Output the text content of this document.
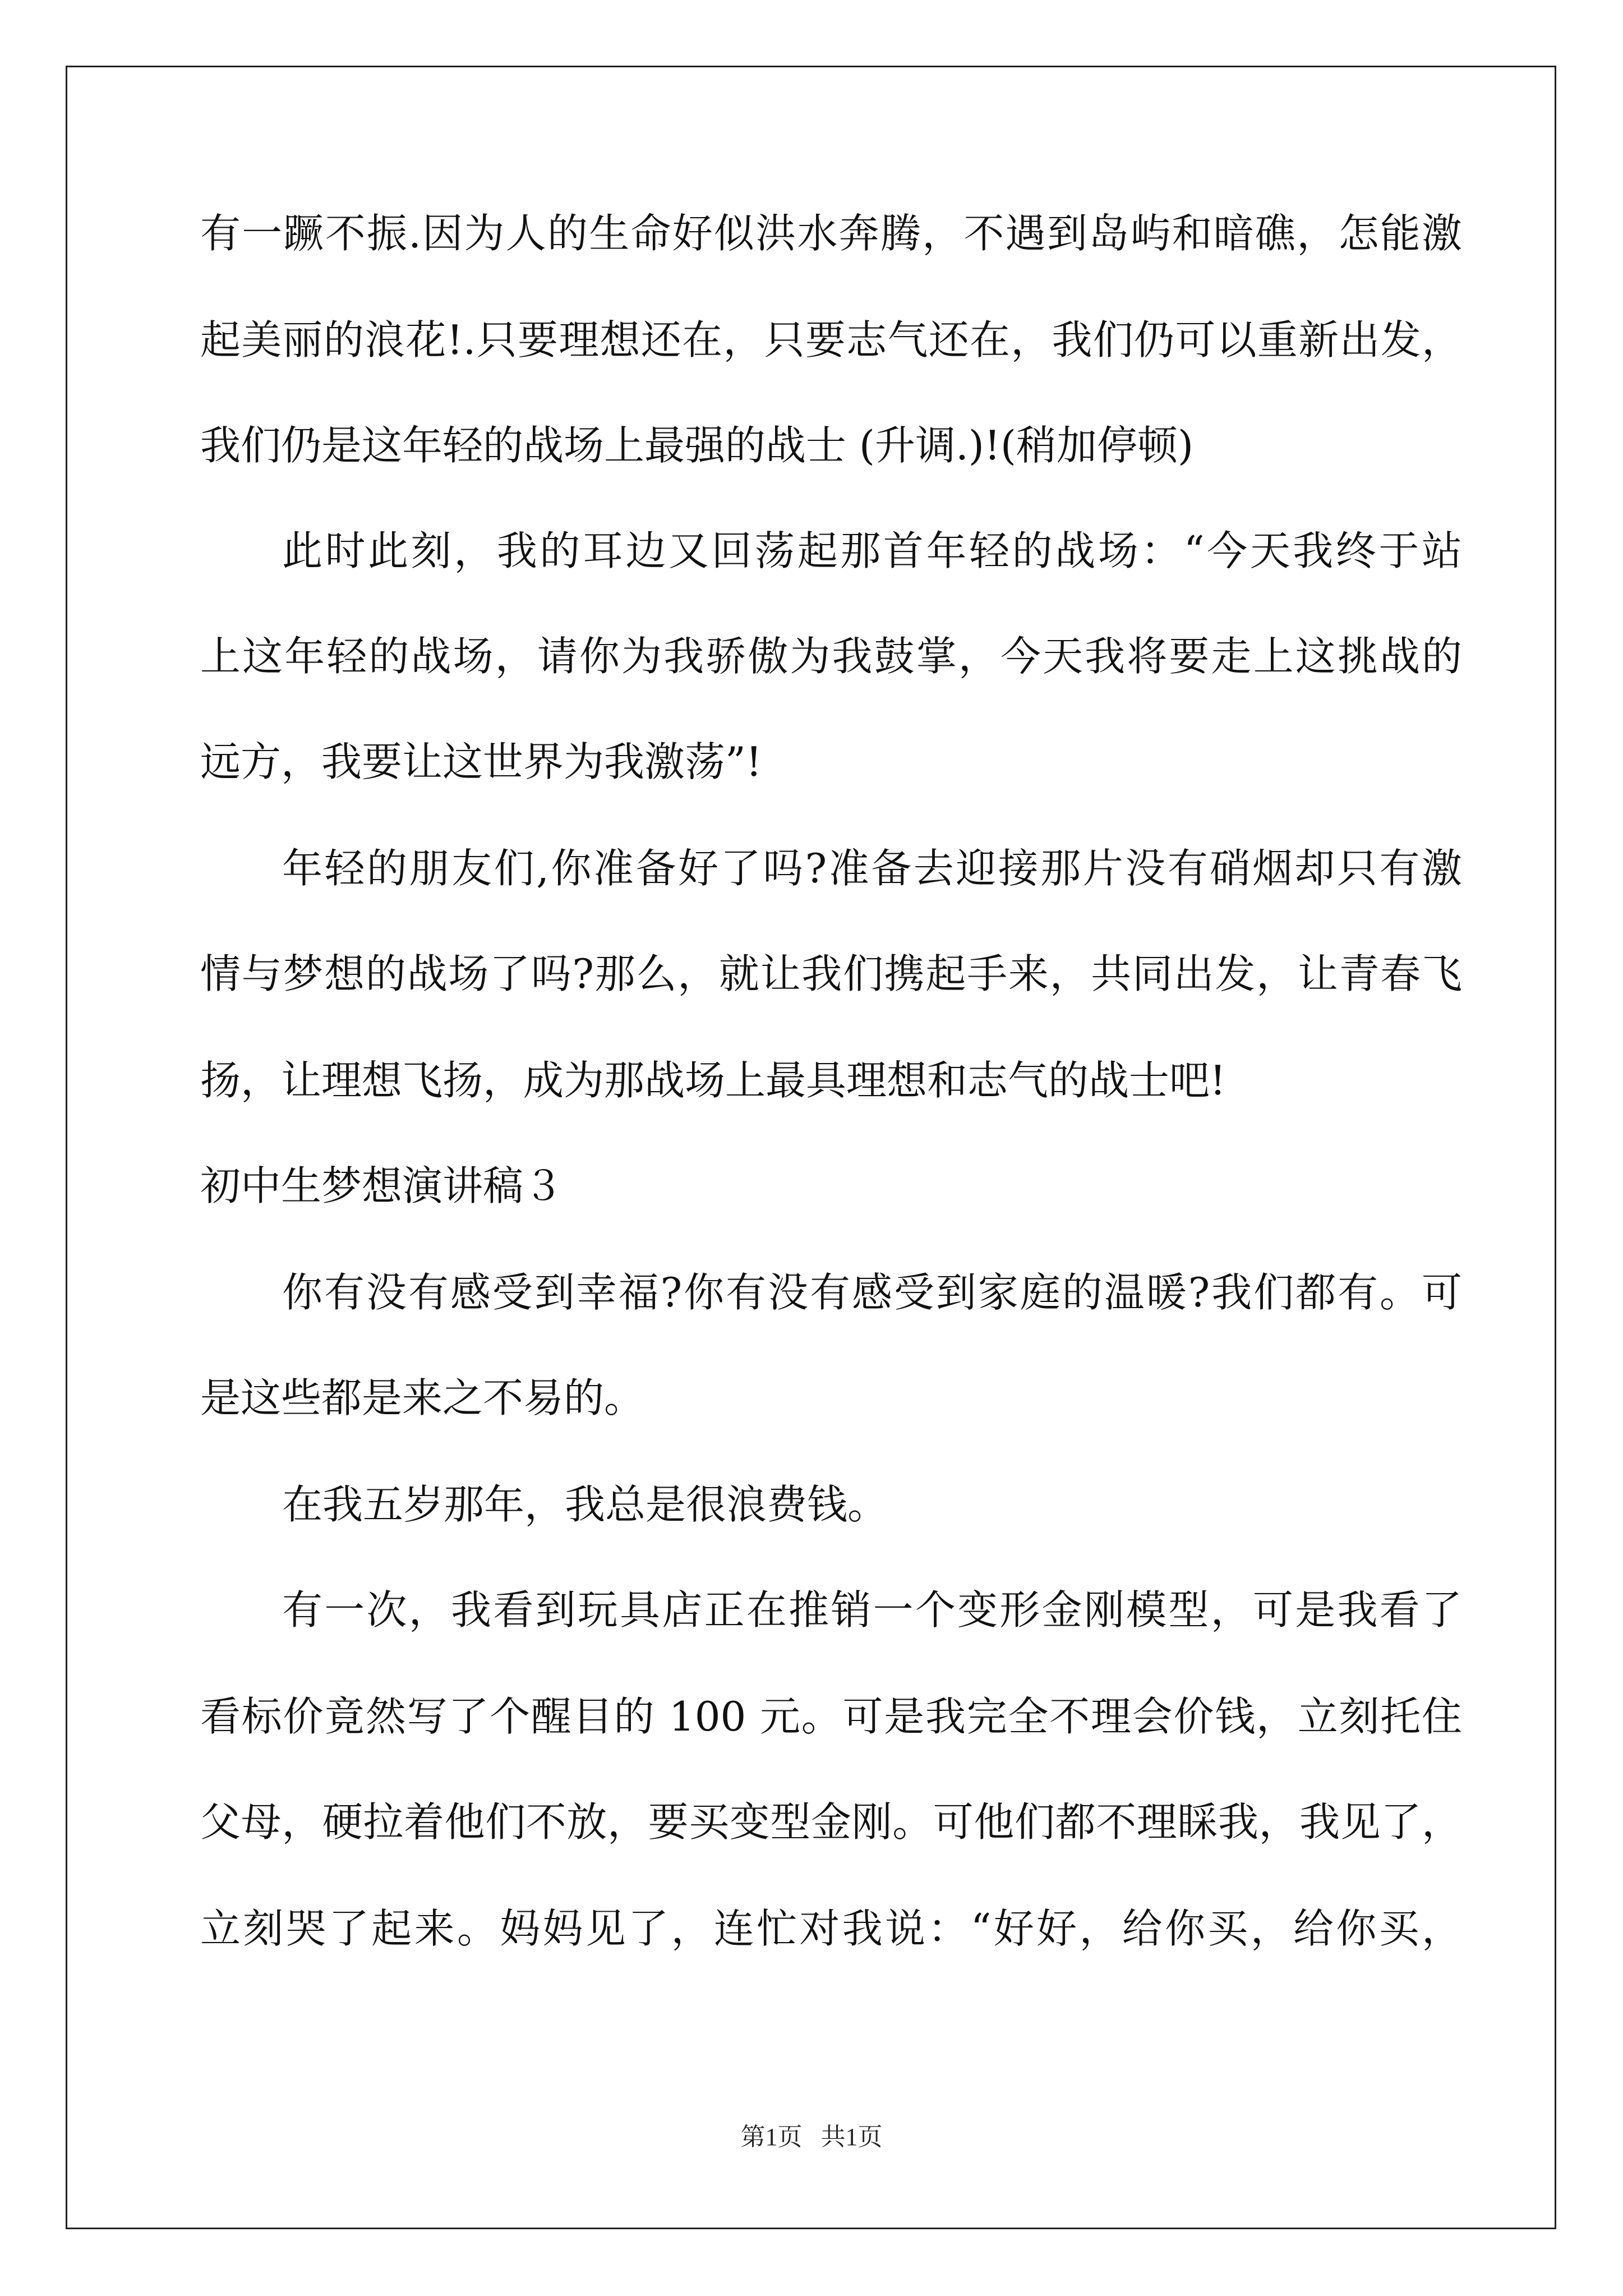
有一蹶不振.因为人的生命好似洪水奔腾，不遇到岛屿和暗礁，怎能激

起美丽的浪花!.只要理想还在，只要志气还在，我们仍可以重新出发，

我们仍是这年轻的战场上最强的战士 (升调.)!(稍加停顿)

此时此刻，我的耳边又回荡起那首年轻的战场：“今天我终于站

上这年轻的战场，请你为我骄傲为我鼓掌，今天我将要走上这挑战的

远方，我要让这世界为我激荡”!

年轻的朋友们,你准备好了吗?准备去迎接那片没有硝烟却只有激

情与梦想的战场了吗?那么，就让我们携起手来，共同出发，让青春飞

扬，让理想飞扬，成为那战场上最具理想和志气的战士吧!

初中生梦想演讲稿３

你有没有感受到幸福?你有没有感受到家庭的温暖?我们都有。可

是这些都是来之不易的。

在我五岁那年，我总是很浪费钱。

有一次，我看到玩具店正在推销一个变形金刚模型，可是我看了

看标价竟然写了个醒目的 100 元。可是我完全不理会价钱，立刻托住

父母，硬拉着他们不放，要买变型金刚。可他们都不理睬我，我见了，

立刻哭了起来。妈妈见了，连忙对我说：“好好，给你买，给你买，

第1页   共1页
